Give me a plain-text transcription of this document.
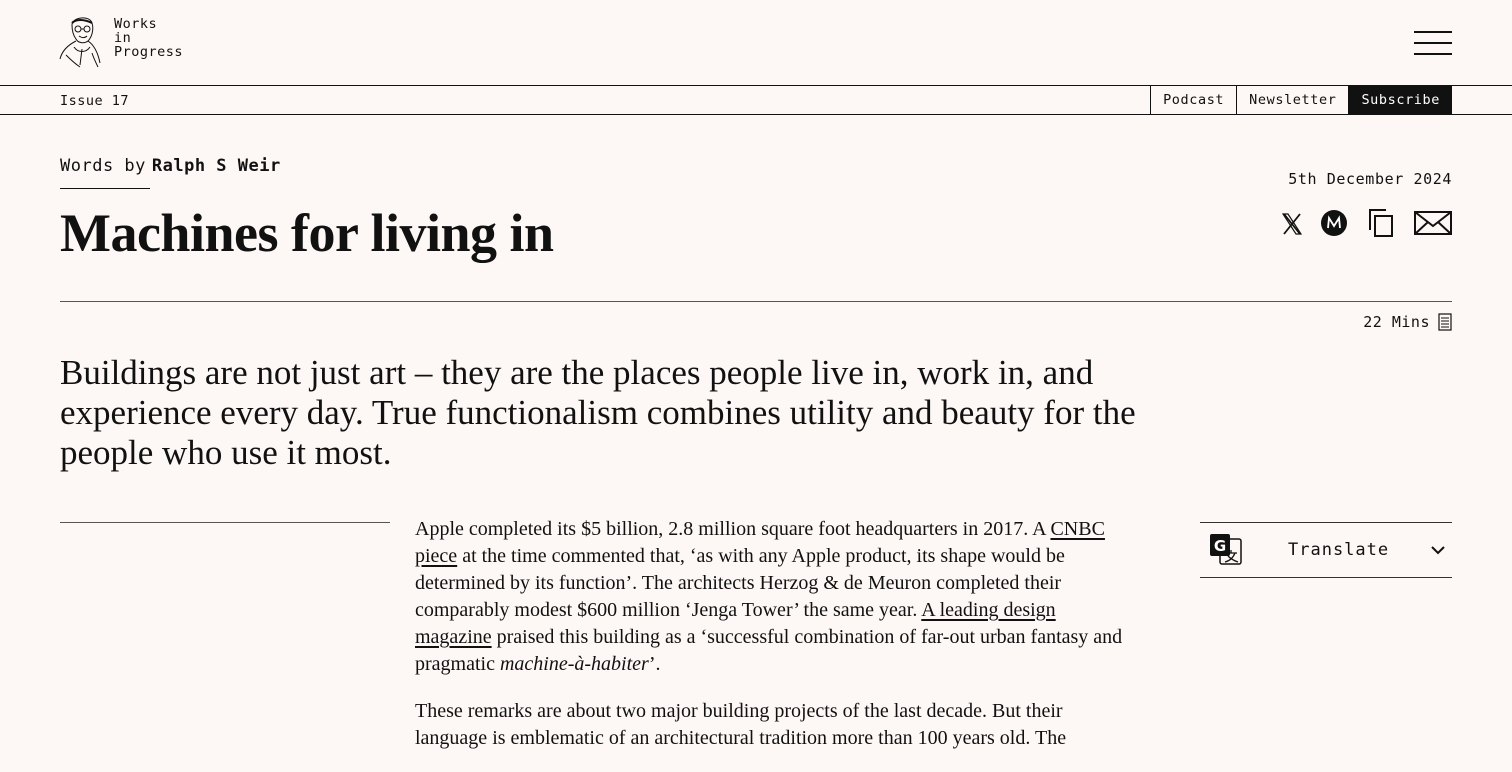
Works
in
Progress
Issue 17	Podcast	Newsletter	Subscribe
Words by Ralph S Weir
5th December 2024
Machines for living in
22 Mins
Buildings are not just art – they are the places people live in, work in, and experience every day. True functionalism combines utility and beauty for the people who use it most.

Apple completed its $5 billion, 2.8 million square foot headquarters in 2017. A CNBC piece at the time commented that, ‘as with any Apple product, its shape would be determined by its function’. The architects Herzog & de Meuron completed their comparably modest $600 million ‘Jenga Tower’ the same year. A leading design magazine praised this building as a ‘successful combination of far-out urban fantasy and pragmatic machine-à-habiter’.

These remarks are about two major building projects of the last decade. But their language is emblematic of an architectural tradition more than 100 years old. The

G	Translate
